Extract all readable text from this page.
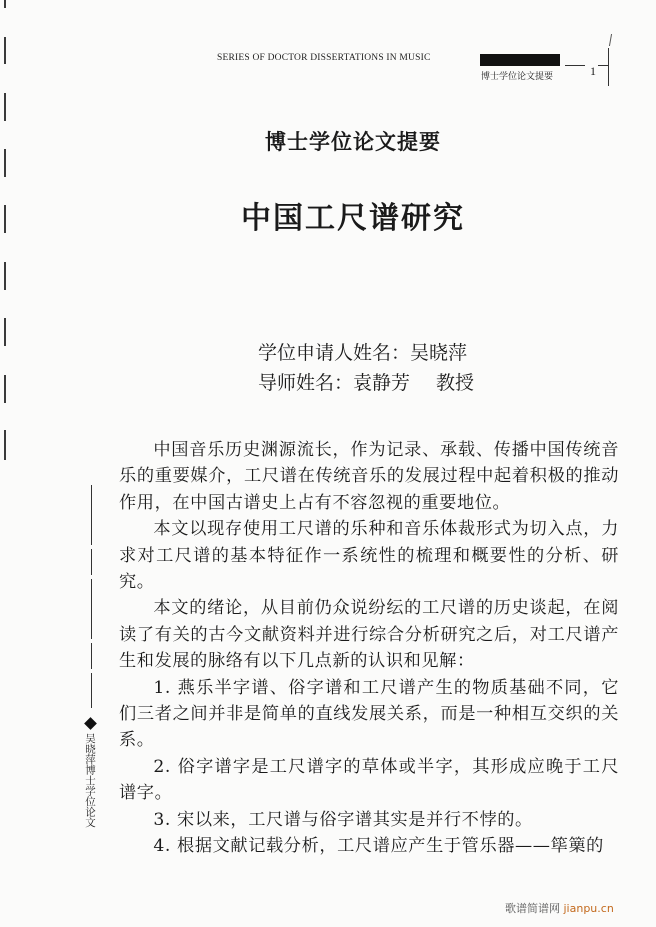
SERIES OF DOCTOR DISSERTATIONS IN MUSIC
博士学位论文提要	1
博士学位论文提要
中国工尺谱研究
学位申请人姓名：吴晓萍
导师姓名：袁静芳 教授

中国音乐历史渊源流长，作为记录、承载、传播中国传统音乐的重要媒介，工尺谱在传统音乐的发展过程中起着积极的推动作用，在中国古谱史上占有不容忽视的重要地位。

本文以现存使用工尺谱的乐种和音乐体裁形式为切入点，力求对工尺谱的基本特征作一系统性的梳理和概要性的分析、研究。

本文的绪论，从目前仍众说纷纭的工尺谱的历史谈起，在阅读了有关的古今文献资料并进行综合分析研究之后，对工尺谱产生和发展的脉络有以下几点新的认识和见解：

1. 燕乐半字谱、俗字谱和工尺谱产生的物质基础不同，它们三者之间并非是简单的直线发展关系，而是一种相互交织的关系。

2. 俗字谱字是工尺谱字的草体或半字，其形成应晚于工尺谱字。

3. 宋以来，工尺谱与俗字谱其实是并行不悖的。

4. 根据文献记载分析，工尺谱应产生于管乐器——筚篥的

吴晓萍博士学位论文
歌谱简谱网 jianpu.cn
